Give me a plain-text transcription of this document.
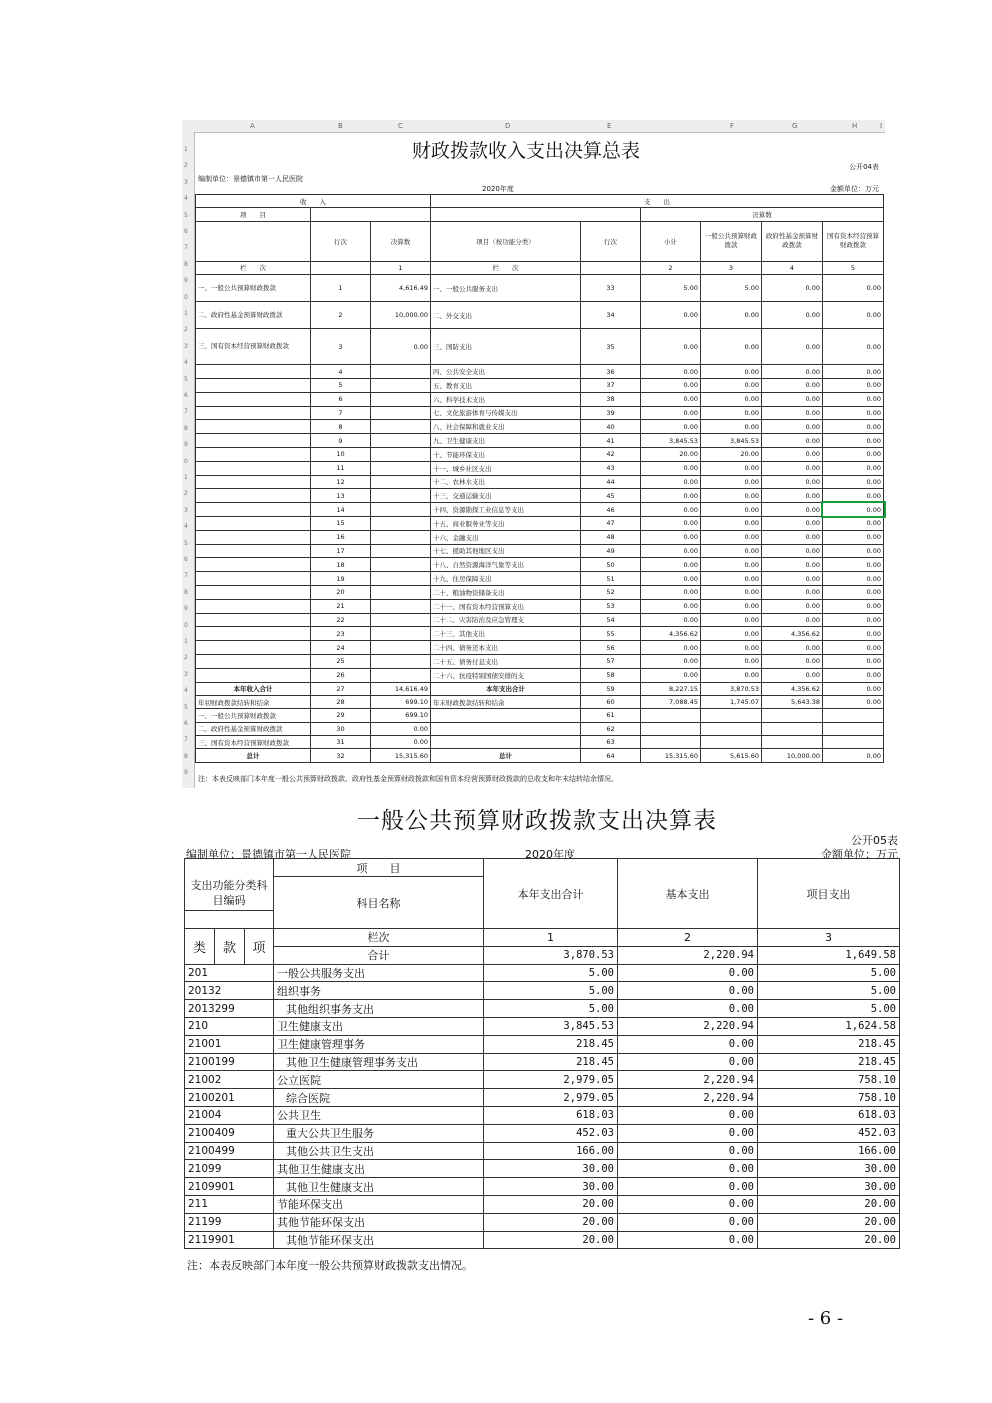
A	B	C	D	E	F	G	H	I
1
2
3
4
5
6
7
8
9
0
1
2
3
4
5
6
7
8
9
0
1
2
3
4
5
6
7
8
9
0
1
2
3
4
5
6
7
8
9
财政拨款收入支出决算总表
公开04表
编制单位：景德镇市第一人民医院
2020年度	金额单位：万元
收　　入			支　　出					
项　　目					决算数			
	行次	决算数	项目（按功能分类）	行次	小计	一般公共预算财政拨款	政府性基金预算财政拨款	国有资本经营预算财政拨款
栏　　次		1	栏　　次		2	3	4	5
一、一般公共预算财政拨款	1	4,616.49	一、一般公共服务支出	33	5.00	5.00	0.00	0.00
二、政府性基金预算财政拨款	2	10,000.00	二、外交支出	34	0.00	0.00	0.00	0.00
三、国有资本经营预算财政拨款	3	0.00	三、国防支出	35	0.00	0.00	0.00	0.00
	4		四、公共安全支出	36	0.00	0.00	0.00	0.00
	5		五、教育支出	37	0.00	0.00	0.00	0.00
	6		六、科学技术支出	38	0.00	0.00	0.00	0.00
	7		七、文化旅游体育与传媒支出	39	0.00	0.00	0.00	0.00
	8		八、社会保障和就业支出	40	0.00	0.00	0.00	0.00
	9		九、卫生健康支出	41	3,845.53	3,845.53	0.00	0.00
	10		十、节能环保支出	42	20.00	20.00	0.00	0.00
	11		十一、城乡社区支出	43	0.00	0.00	0.00	0.00
	12		十二、农林水支出	44	0.00	0.00	0.00	0.00
	13		十三、交通运输支出	45	0.00	0.00	0.00	0.00
	14		十四、资源勘探工业信息等支出	46	0.00	0.00	0.00	0.00
	15		十五、商业服务业等支出	47	0.00	0.00	0.00	0.00
	16		十六、金融支出	48	0.00	0.00	0.00	0.00
	17		十七、援助其他地区支出	49	0.00	0.00	0.00	0.00
	18		十八、自然资源海洋气象等支出	50	0.00	0.00	0.00	0.00
	19		十九、住房保障支出	51	0.00	0.00	0.00	0.00
	20		二十、粮油物资储备支出	52	0.00	0.00	0.00	0.00
	21		二十一、国有资本经营预算支出	53	0.00	0.00	0.00	0.00
	22		二十二、灾害防治及应急管理支	54	0.00	0.00	0.00	0.00
	23		二十三、其他支出	55	4,356.62	0.00	4,356.62	0.00
	24		二十四、债务还本支出	56	0.00	0.00	0.00	0.00
	25		二十五、债务付息支出	57	0.00	0.00	0.00	0.00
	26		二十六、抗疫特别国债安排的支	58	0.00	0.00	0.00	0.00
本年收入合计	27	14,616.49	本年支出合计	59	8,227.15	3,870.53	4,356.62	0.00
年初财政拨款结转和结余	28	699.10	年末财政拨款结转和结余	60	7,088.45	1,745.07	5,643.38	0.00
一、一般公共预算财政拨款	29	699.10		61				
二、政府性基金预算财政拨款	30	0.00		62				
三、国有资本经营预算财政拨款	31	0.00		63				
总计	32	15,315.60	总计	64	15,315.60	5,615.60	10,000.00	0.00
注：本表反映部门本年度一般公共预算财政拨款、政府性基金预算财政拨款和国有资本经营预算财政拨款的总收支和年末结转结余情况。
一般公共预算财政拨款支出决算表
公开05表
编制单位：景德镇市第一人民医院	2020年度	金额单位：万元
			项　　目	本年支出合计	基本支出	项目支出
支出功能分类科目编码			科目名称			

类	款	项	栏次	1	2	3
			合计	3,870.53	2,220.94	1,649.58
201			一般公共服务支出	5.00	0.00	5.00
20132			组织事务	5.00	0.00	5.00
2013299			其他组织事务支出	5.00	0.00	5.00
210			卫生健康支出	3,845.53	2,220.94	1,624.58
21001			卫生健康管理事务	218.45	0.00	218.45
2100199			其他卫生健康管理事务支出	218.45	0.00	218.45
21002			公立医院	2,979.05	2,220.94	758.10
2100201			综合医院	2,979.05	2,220.94	758.10
21004			公共卫生	618.03	0.00	618.03
2100409			重大公共卫生服务	452.03	0.00	452.03
2100499			其他公共卫生支出	166.00	0.00	166.00
21099			其他卫生健康支出	30.00	0.00	30.00
2109901			其他卫生健康支出	30.00	0.00	30.00
211			节能环保支出	20.00	0.00	20.00
21199			其他节能环保支出	20.00	0.00	20.00
2119901			其他节能环保支出	20.00	0.00	20.00
注：本表反映部门本年度一般公共预算财政拨款支出情况。
- 6 -
